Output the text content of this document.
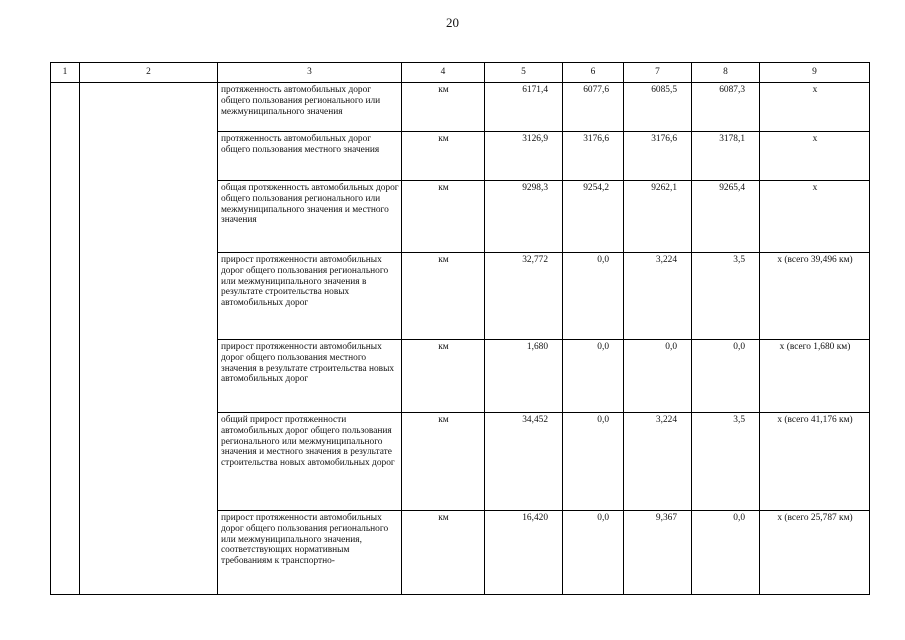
20
1	2	3	4	5	6	7	8	9
		протяженность автомобильных дорог общего пользования регионального или межмуниципального значения	км	6171,4	6077,6	6085,5	6087,3	х
		протяженность автомобильных дорог общего пользования местного значения	км	3126,9	3176,6	3176,6	3178,1	х
		общая протяженность автомобильных дорог общего пользования регионального или межмуниципального значения и местного значения	км	9298,3	9254,2	9262,1	9265,4	х
		прирост протяженности автомобильных дорог общего пользования регионального или межмуниципального значения в результате строительства новых автомобильных дорог	км	32,772	0,0	3,224	3,5	х (всего 39,496 км)
		прирост протяженности автомобильных дорог общего пользования местного значения в результате строительства новых автомобильных дорог	км	1,680	0,0	0,0	0,0	х (всего 1,680 км)
		общий прирост протяженности автомобильных дорог общего пользования регионального или межмуниципального значения и местного значения в результате строительства новых автомобильных дорог	км	34,452	0,0	3,224	3,5	х (всего 41,176 км)
		прирост протяженности автомобильных дорог общего пользования регионального или межмуниципального значения, соответствующих нормативным требованиям к транспортно-	км	16,420	0,0	9,367	0,0	х (всего 25,787 км)
